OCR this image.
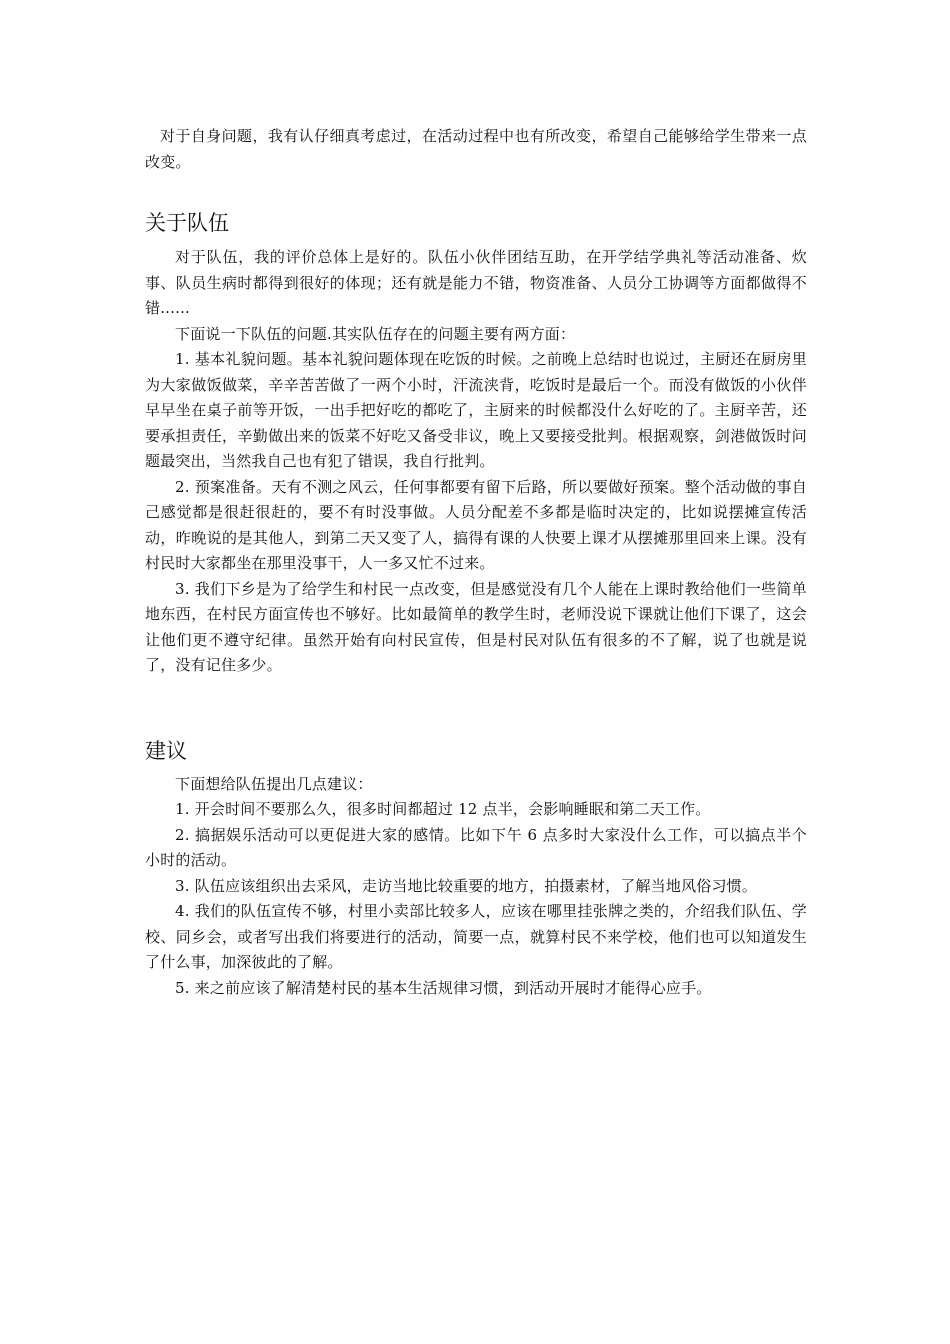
对于自身问题，我有认仔细真考虑过，在活动过程中也有所改变，希望自己能够给学生带来一点改变。

关于队伍

对于队伍，我的评价总体上是好的。队伍小伙伴团结互助，在开学结学典礼等活动准备、炊事、队员生病时都得到很好的体现；还有就是能力不错，物资准备、人员分工协调等方面都做得不错......

下面说一下队伍的问题.其实队伍存在的问题主要有两方面：

1. 基本礼貌问题。基本礼貌问题体现在吃饭的时候。之前晚上总结时也说过，主厨还在厨房里为大家做饭做菜，辛辛苦苦做了一两个小时，汗流浃背，吃饭时是最后一个。而没有做饭的小伙伴早早坐在桌子前等开饭，一出手把好吃的都吃了，主厨来的时候都没什么好吃的了。主厨辛苦，还要承担责任，辛勤做出来的饭菜不好吃又备受非议，晚上又要接受批判。根据观察，剑港做饭时问题最突出，当然我自己也有犯了错误，我自行批判。

2. 预案准备。天有不测之风云，任何事都要有留下后路，所以要做好预案。整个活动做的事自己感觉都是很赶很赶的，要不有时没事做。人员分配差不多都是临时决定的，比如说摆摊宣传活动，昨晚说的是其他人，到第二天又变了人，搞得有课的人快要上课才从摆摊那里回来上课。没有村民时大家都坐在那里没事干，人一多又忙不过来。

3. 我们下乡是为了给学生和村民一点改变，但是感觉没有几个人能在上课时教给他们一些简单地东西，在村民方面宣传也不够好。比如最简单的教学生时，老师没说下课就让他们下课了，这会让他们更不遵守纪律。虽然开始有向村民宣传，但是村民对队伍有很多的不了解，说了也就是说了，没有记住多少。

建议

下面想给队伍提出几点建议：

1. 开会时间不要那么久，很多时间都超过 12 点半，会影响睡眠和第二天工作。

2. 搞据娱乐活动可以更促进大家的感情。比如下午 6 点多时大家没什么工作，可以搞点半个小时的活动。

3. 队伍应该组织出去采风，走访当地比较重要的地方，拍摄素材，了解当地风俗习惯。

4. 我们的队伍宣传不够，村里小卖部比较多人，应该在哪里挂张牌之类的，介绍我们队伍、学校、同乡会，或者写出我们将要进行的活动，简要一点，就算村民不来学校，他们也可以知道发生了什么事，加深彼此的了解。

5. 来之前应该了解清楚村民的基本生活规律习惯，到活动开展时才能得心应手。
